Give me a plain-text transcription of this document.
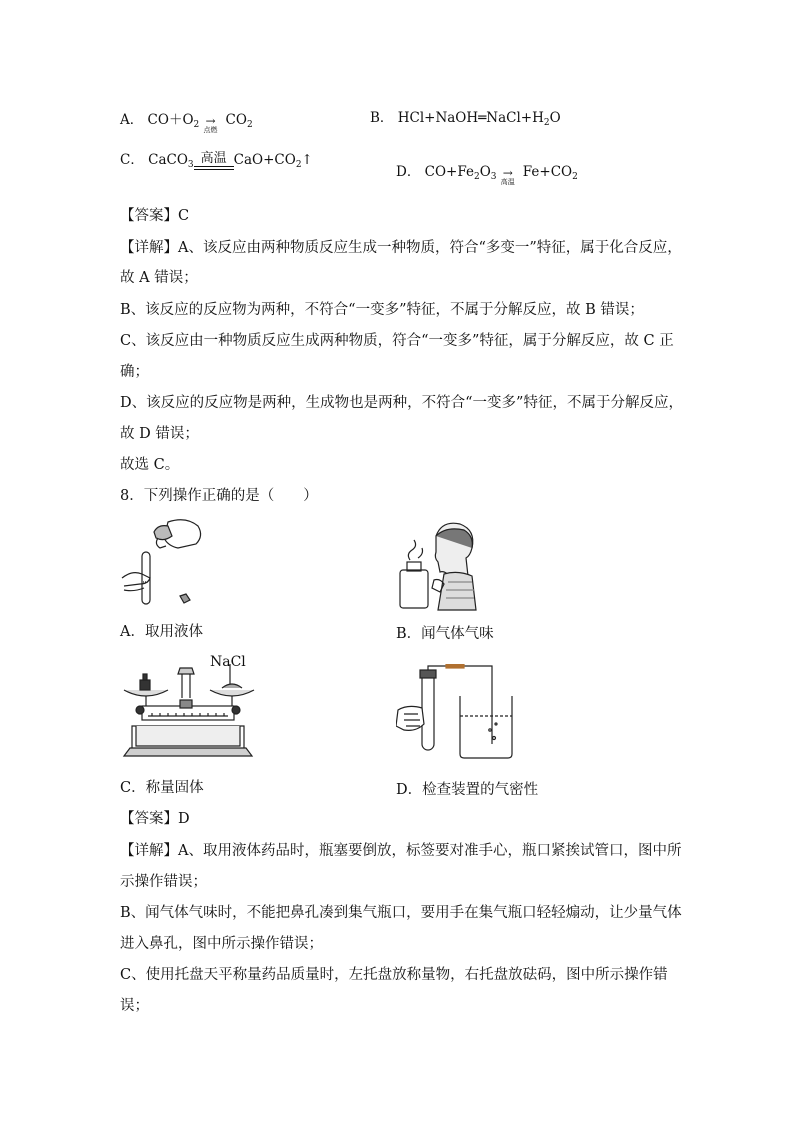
A． $CO+O_2$ →
点燃
$CO_2$	B． $HCl+NaOH═NaCl+H_2O$
C． CaCO$_3$ 高温 $CaO+CO_2↑$
D． $CO+Fe_2O_3$ →
高温
$Fe+CO_2$
【答案】C
【详解】A、该反应由两种物质反应生成一种物质，符合“多变一”特征，属于化合反应，
故 A 错误；
B、该反应的反应物为两种，不符合“一变多”特征，不属于分解反应，故 B 错误；
C、该反应由一种物质反应生成两种物质，符合“一变多”特征，属于分解反应，故 C 正
确；
D、该反应的反应物是两种，生成物也是两种，不符合“一变多”特征，不属于分解反应，
故 D 错误；
故选 C。
8．下列操作正确的是（　　）
A．取用液体	B．闻气体气味
NaCl
C．称量固体	D．检查装置的气密性
【答案】D
【详解】A、取用液体药品时，瓶塞要倒放，标签要对准手心，瓶口紧挨试管口，图中所
示操作错误；
B、闻气体气味时，不能把鼻孔凑到集气瓶口，要用手在集气瓶口轻轻煽动，让少量气体
进入鼻孔，图中所示操作错误；
C、使用托盘天平称量药品质量时，左托盘放称量物，右托盘放砝码，图中所示操作错
误；
